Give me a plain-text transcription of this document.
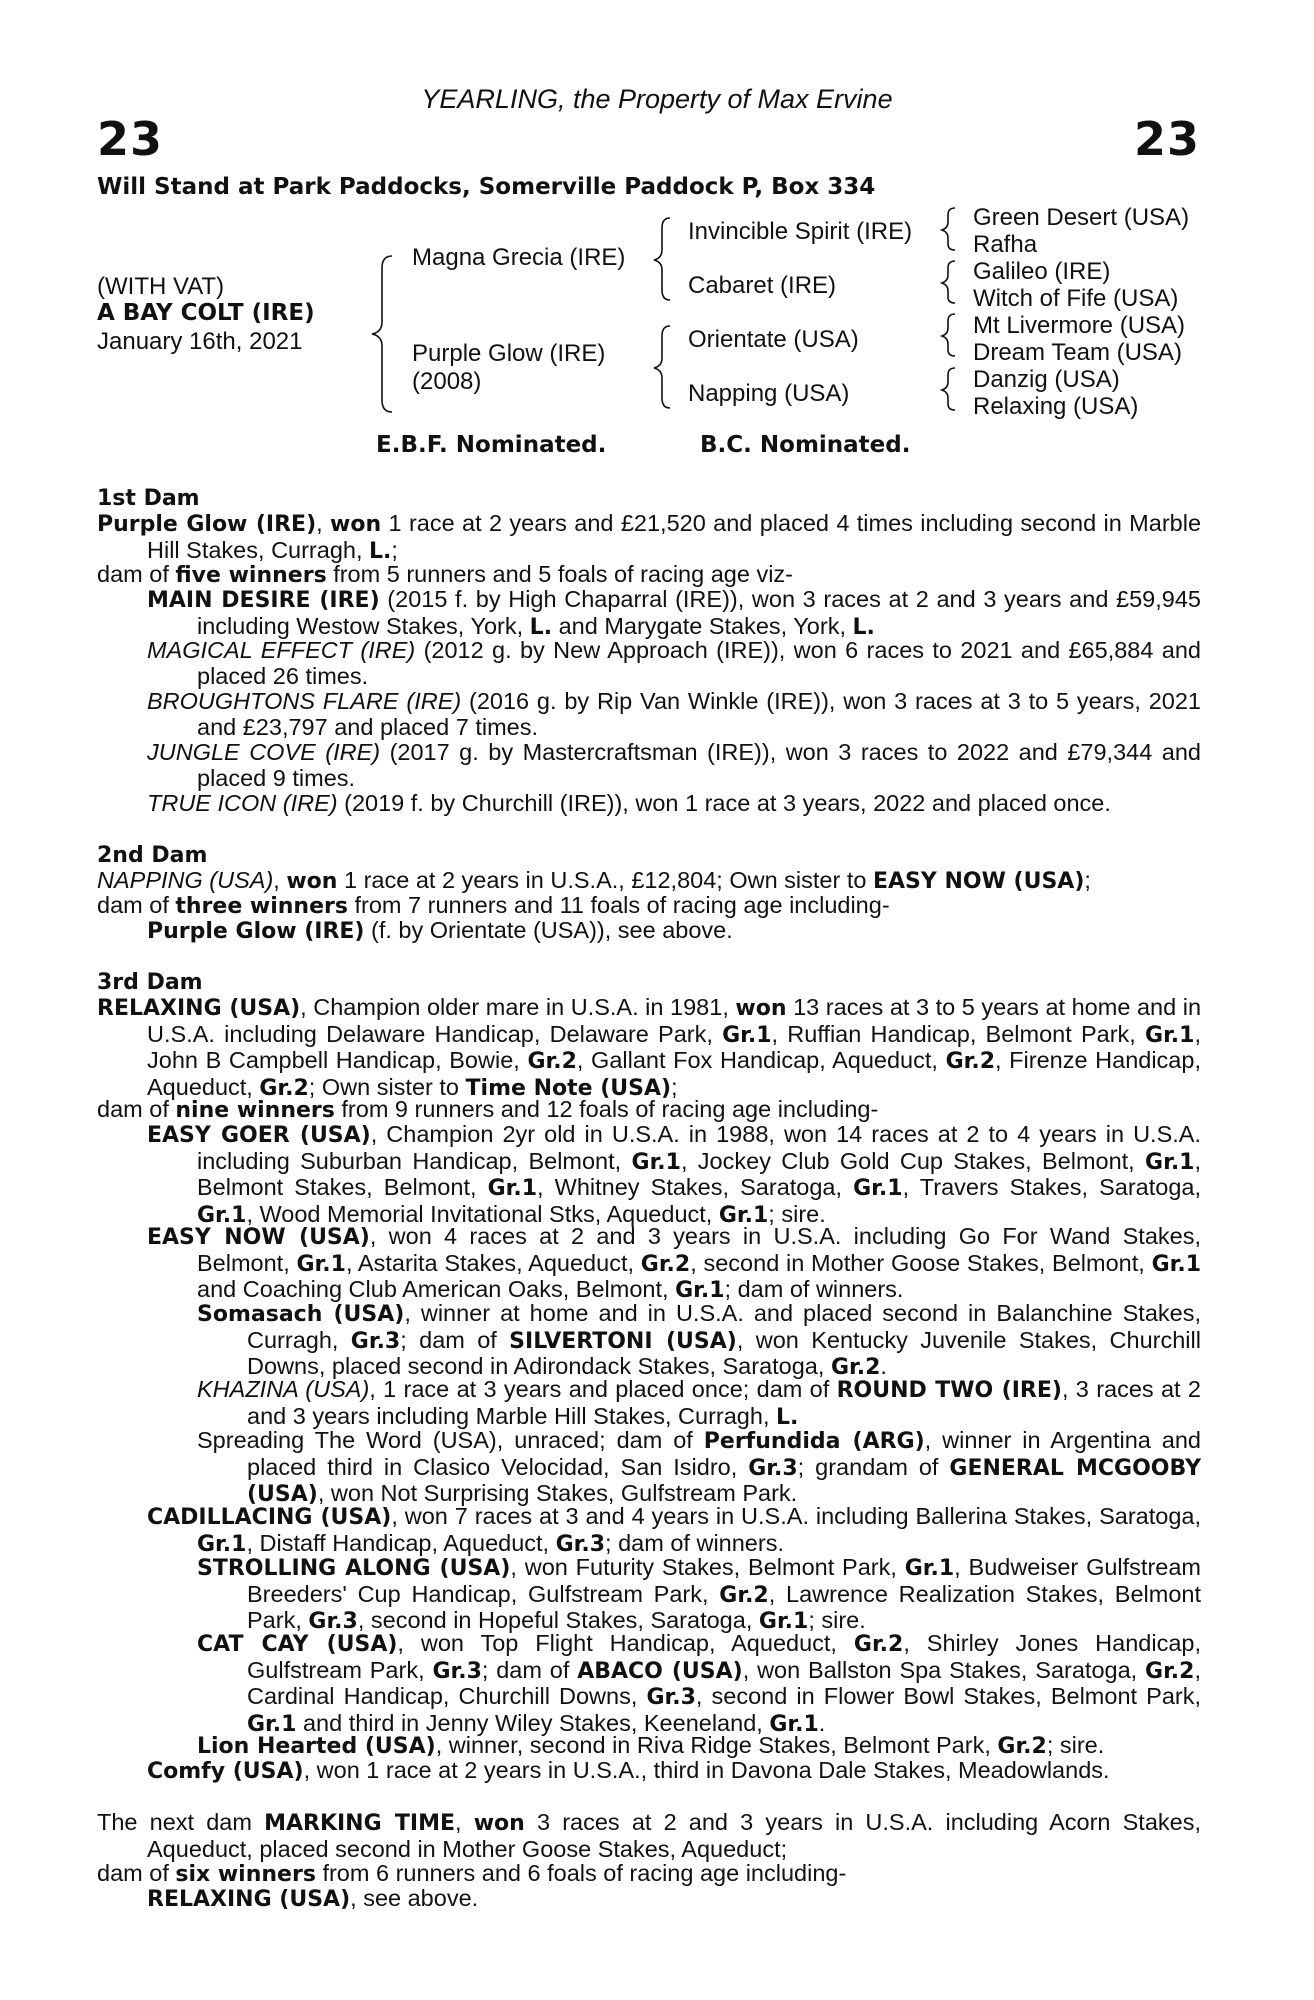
YEARLING, the Property of Max Ervine
23	23
Will Stand at Park Paddocks, Somerville Paddock P, Box 334
(WITH VAT)
A BAY COLT (IRE)
January 16th, 2021
Magna Grecia (IRE)
Purple Glow (IRE)
(2008)
Invincible Spirit (IRE)
Cabaret (IRE)
Orientate (USA)
Napping (USA)
Green Desert (USA)
Rafha
Galileo (IRE)
Witch of Fife (USA)
Mt Livermore (USA)
Dream Team (USA)
Danzig (USA)
Relaxing (USA)
E.B.F. Nominated.	B.C. Nominated.
1st Dam
Purple Glow (IRE), won 1 race at 2 years and £21,520 and placed 4 times including second in Marble Hill Stakes, Curragh, L.;
dam of five winners from 5 runners and 5 foals of racing age viz-
MAIN DESIRE (IRE) (2015 f. by High Chaparral (IRE)), won 3 races at 2 and 3 years and £59,945 including Westow Stakes, York, L. and Marygate Stakes, York, L.
MAGICAL EFFECT (IRE) (2012 g. by New Approach (IRE)), won 6 races to 2021 and £65,884 and placed 26 times.
BROUGHTONS FLARE (IRE) (2016 g. by Rip Van Winkle (IRE)), won 3 races at 3 to 5 years, 2021 and £23,797 and placed 7 times.
JUNGLE COVE (IRE) (2017 g. by Mastercraftsman (IRE)), won 3 races to 2022 and £79,344 and placed 9 times.
TRUE ICON (IRE) (2019 f. by Churchill (IRE)), won 1 race at 3 years, 2022 and placed once.
2nd Dam
NAPPING (USA), won 1 race at 2 years in U.S.A., £12,804; Own sister to EASY NOW (USA);
dam of three winners from 7 runners and 11 foals of racing age including-
Purple Glow (IRE) (f. by Orientate (USA)), see above.
3rd Dam
RELAXING (USA), Champion older mare in U.S.A. in 1981, won 13 races at 3 to 5 years at home and in U.S.A. including Delaware Handicap, Delaware Park, Gr.1, Ruffian Handicap, Belmont Park, Gr.1, John B Campbell Handicap, Bowie, Gr.2, Gallant Fox Handicap, Aqueduct, Gr.2, Firenze Handicap, Aqueduct, Gr.2; Own sister to Time Note (USA);
dam of nine winners from 9 runners and 12 foals of racing age including-
EASY GOER (USA), Champion 2yr old in U.S.A. in 1988, won 14 races at 2 to 4 years in U.S.A. including Suburban Handicap, Belmont, Gr.1, Jockey Club Gold Cup Stakes, Belmont, Gr.1, Belmont Stakes, Belmont, Gr.1, Whitney Stakes, Saratoga, Gr.1, Travers Stakes, Saratoga, Gr.1, Wood Memorial Invitational Stks, Aqueduct, Gr.1; sire.
EASY NOW (USA), won 4 races at 2 and 3 years in U.S.A. including Go For Wand Stakes, Belmont, Gr.1, Astarita Stakes, Aqueduct, Gr.2, second in Mother Goose Stakes, Belmont, Gr.1 and Coaching Club American Oaks, Belmont, Gr.1; dam of winners.
Somasach (USA), winner at home and in U.S.A. and placed second in Balanchine Stakes, Curragh, Gr.3; dam of SILVERTONI (USA), won Kentucky Juvenile Stakes, Churchill Downs, placed second in Adirondack Stakes, Saratoga, Gr.2.
KHAZINA (USA), 1 race at 3 years and placed once; dam of ROUND TWO (IRE), 3 races at 2 and 3 years including Marble Hill Stakes, Curragh, L.
Spreading The Word (USA), unraced; dam of Perfundida (ARG), winner in Argentina and placed third in Clasico Velocidad, San Isidro, Gr.3; grandam of GENERAL MCGOOBY (USA), won Not Surprising Stakes, Gulfstream Park.
CADILLACING (USA), won 7 races at 3 and 4 years in U.S.A. including Ballerina Stakes, Saratoga, Gr.1, Distaff Handicap, Aqueduct, Gr.3; dam of winners.
STROLLING ALONG (USA), won Futurity Stakes, Belmont Park, Gr.1, Budweiser Gulfstream Breeders' Cup Handicap, Gulfstream Park, Gr.2, Lawrence Realization Stakes, Belmont Park, Gr.3, second in Hopeful Stakes, Saratoga, Gr.1; sire.
CAT CAY (USA), won Top Flight Handicap, Aqueduct, Gr.2, Shirley Jones Handicap, Gulfstream Park, Gr.3; dam of ABACO (USA), won Ballston Spa Stakes, Saratoga, Gr.2, Cardinal Handicap, Churchill Downs, Gr.3, second in Flower Bowl Stakes, Belmont Park, Gr.1 and third in Jenny Wiley Stakes, Keeneland, Gr.1.
Lion Hearted (USA), winner, second in Riva Ridge Stakes, Belmont Park, Gr.2; sire.
Comfy (USA), won 1 race at 2 years in U.S.A., third in Davona Dale Stakes, Meadowlands.
The next dam MARKING TIME, won 3 races at 2 and 3 years in U.S.A. including Acorn Stakes, Aqueduct, placed second in Mother Goose Stakes, Aqueduct;
dam of six winners from 6 runners and 6 foals of racing age including-
RELAXING (USA), see above.
